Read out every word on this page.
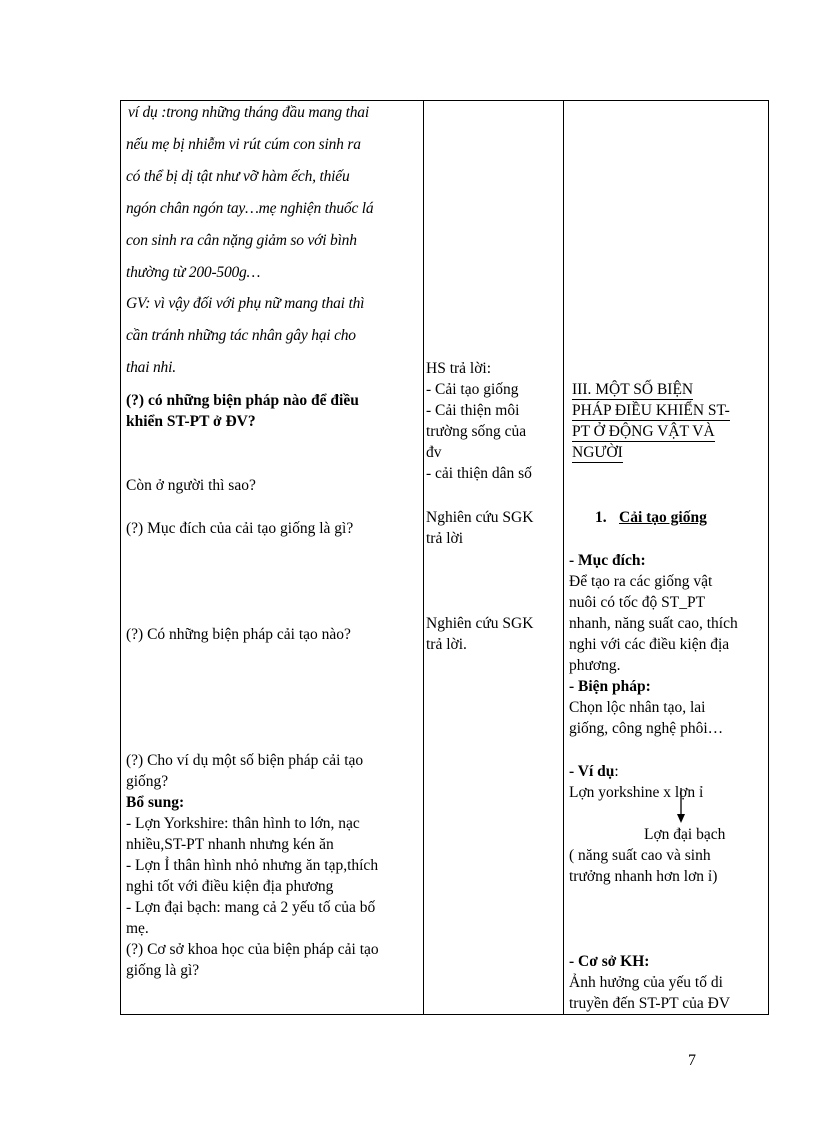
ví dụ :trong những tháng đầu mang thai
nếu mẹ bị nhiễm vi rút cúm con sinh ra
có thể bị dị tật như vỡ hàm ếch, thiếu
ngón chân ngón tay…mẹ nghiện thuốc lá
con sinh ra cân nặng giảm so với bình
thường từ 200-500g…
GV: vì vậy đối với phụ nữ mang thai thì
cần tránh những tác nhân gây hại cho
thai nhi.
(?) có những biện pháp nào để điều
khiển ST-PT ở ĐV?
Còn ở người thì sao?
(?) Mục đích của cải tạo giống là gì?
(?) Có những biện pháp cải tạo nào?
(?) Cho ví dụ một số biện pháp cải tạo
giống?
Bổ sung:
- Lợn Yorkshire: thân hình to lớn, nạc
nhiều,ST-PT nhanh nhưng kén ăn
- Lợn Ỉ thân hình nhỏ nhưng ăn tạp,thích
nghi tốt với điều kiện địa phương
- Lợn đại bạch: mang cả 2 yếu tố của bố
mẹ.
(?) Cơ sở khoa học của biện pháp cải tạo
giống là gì?
HS trả lời:
- Cải tạo giống
- Cải thiện môi
trường sống của
đv
- cải thiện dân số
Nghiên cứu SGK
trả lời
Nghiên cứu SGK
trả lời.
III. MỘT SỐ BIỆN
PHÁP ĐIỀU KHIỂN ST-
PT Ở ĐỘNG VẬT VÀ
NGƯỜI
1. Cải tạo giống
- Mục đích:
Để tạo ra các giống vật
nuôi có tốc độ ST_PT
nhanh, năng suất cao, thích
nghi với các điều kiện địa
phương.
- Biện pháp:
Chọn lộc nhân tạo, lai
giống, công nghệ phôi…
- Ví dụ:
Lợn yorkshine x lợn ỉ
Lợn đại bạch
( năng suất cao và sinh
trưởng nhanh hơn lơn ỉ)
- Cơ sở KH:
Ảnh hưởng của yếu tố di
truyền đến ST-PT của ĐV
7
